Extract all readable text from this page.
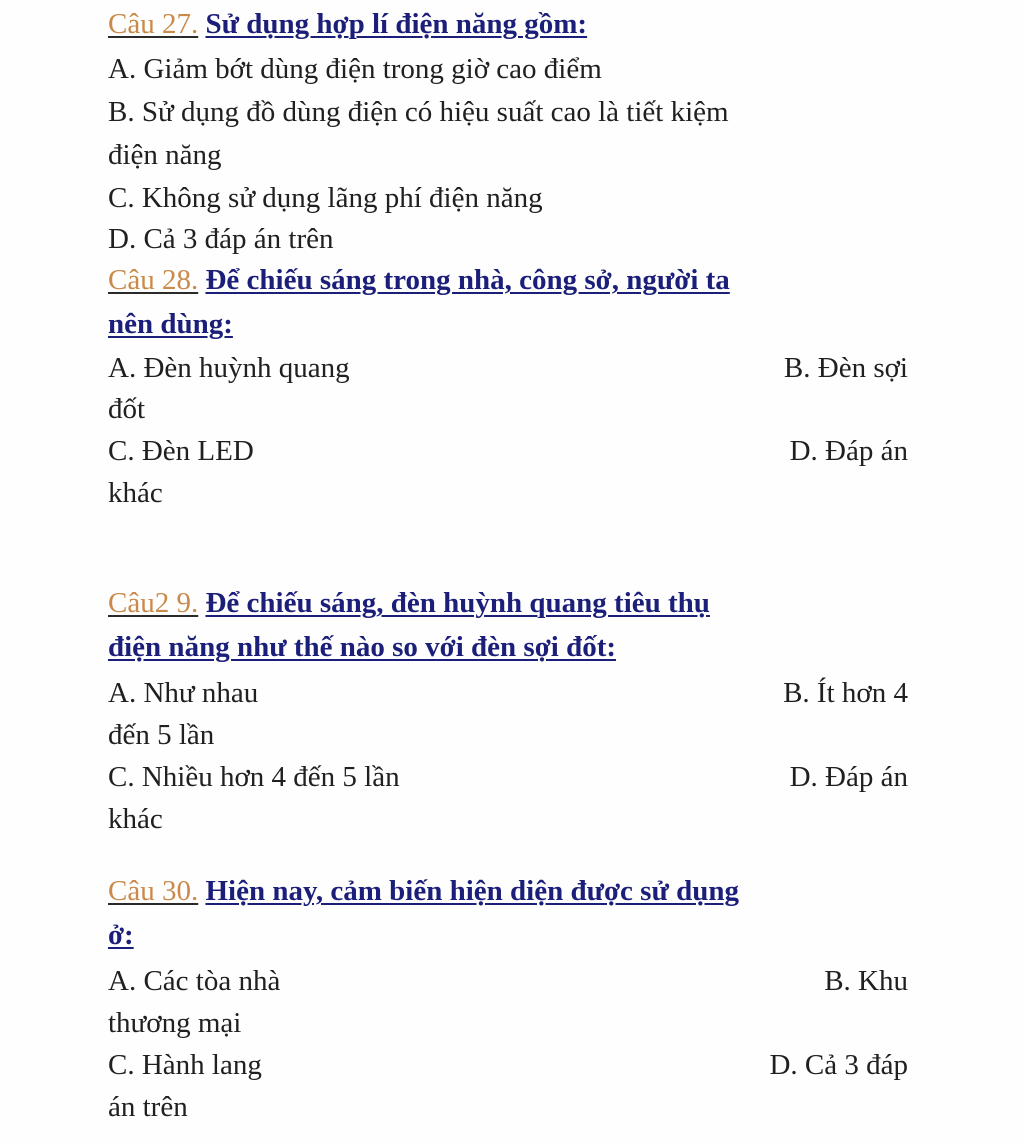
Câu 27. Sử dụng hợp lí điện năng gồm:
A. Giảm bớt dùng điện trong giờ cao điểm
B. Sử dụng đồ dùng điện có hiệu suất cao là tiết kiệm
điện năng
C. Không sử dụng lãng phí điện năng
D. Cả 3 đáp án trên
Câu 28. Để chiếu sáng trong nhà, công sở, người ta
nên dùng:
A. Đèn huỳnh quang	B. Đèn sợi
đốt
C. Đèn LED	D. Đáp án
khác
Câu2 9. Để chiếu sáng, đèn huỳnh quang tiêu thụ
điện năng như thế nào so với đèn sợi đốt:
A. Như nhau	B. Ít hơn 4
đến 5 lần
C. Nhiều hơn 4 đến 5 lần	D. Đáp án
khác
Câu 30. Hiện nay, cảm biến hiện diện được sử dụng
ở:
A. Các tòa nhà	B. Khu
thương mại
C. Hành lang	D. Cả 3 đáp
án trên
